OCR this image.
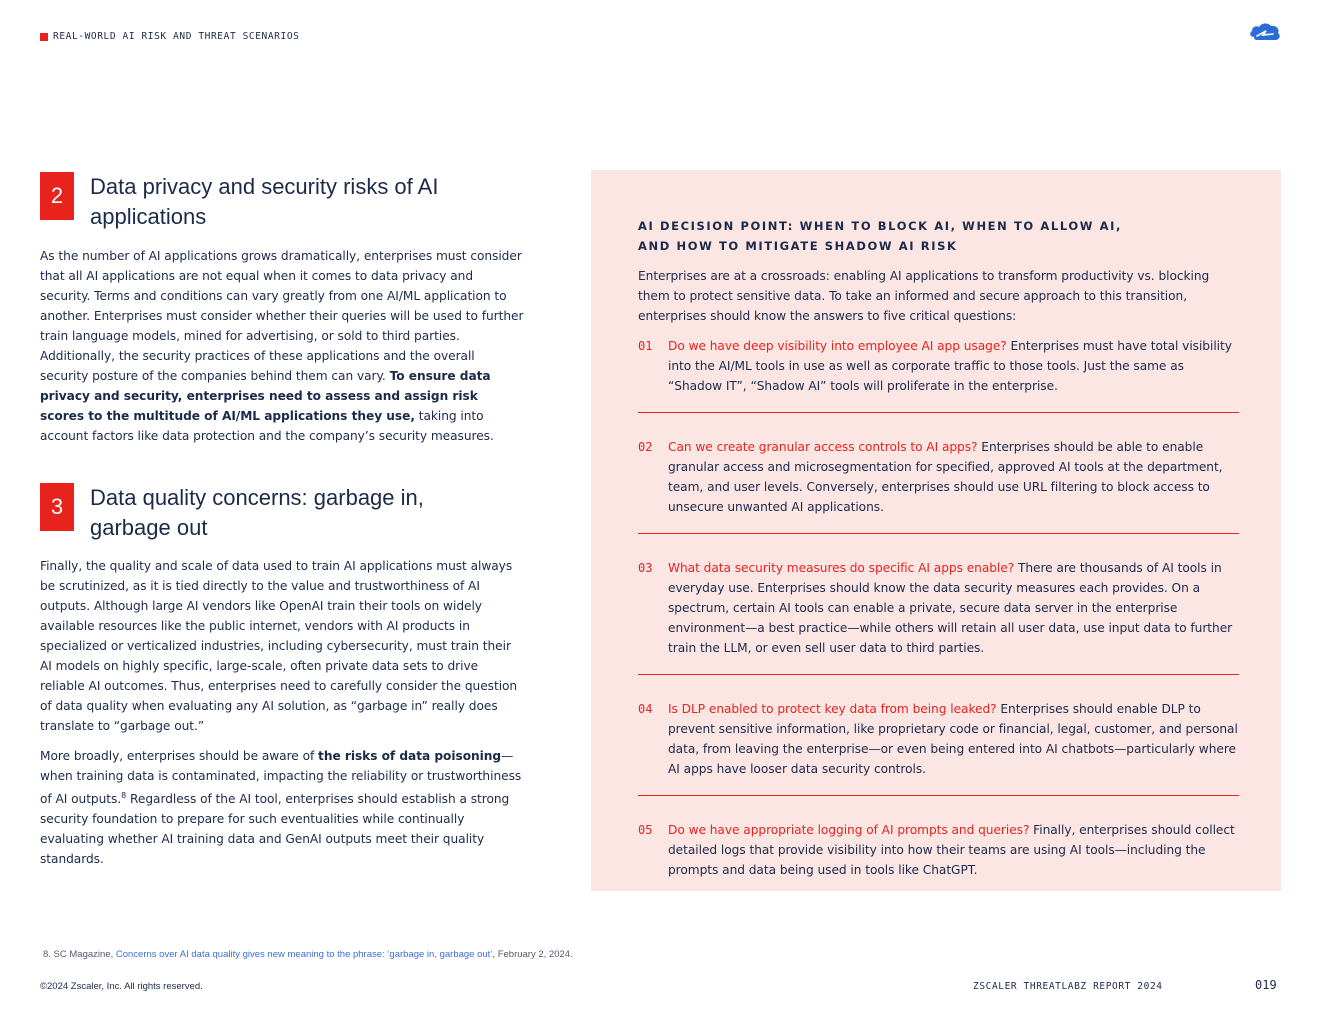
REAL-WORLD AI RISK AND THREAT SCENARIOS
2	Data privacy and security risks of AI applications
As the number of AI applications grows dramatically, enterprises must consider that all AI applications are not equal when it comes to data privacy and security. Terms and conditions can vary greatly from one AI/ML application to another. Enterprises must consider whether their queries will be used to further train language models, mined for advertising, or sold to third parties. Additionally, the security practices of these applications and the overall security posture of the companies behind them can vary. To ensure data privacy and security, enterprises need to assess and assign risk scores to the multitude of AI/ML applications they use, taking into account factors like data protection and the company’s security measures.
3	Data quality concerns: garbage in, garbage out
Finally, the quality and scale of data used to train AI applications must always be scrutinized, as it is tied directly to the value and trustworthiness of AI outputs. Although large AI vendors like OpenAI train their tools on widely available resources like the public internet, vendors with AI products in specialized or verticalized industries, including cybersecurity, must train their AI models on highly specific, large-scale, often private data sets to drive reliable AI outcomes. Thus, enterprises need to carefully consider the question of data quality when evaluating any AI solution, as “garbage in” really does translate to “garbage out.”
More broadly, enterprises should be aware of the risks of data poisoning—when training data is contaminated, impacting the reliability or trustworthiness of AI outputs.$^8$ Regardless of the AI tool, enterprises should establish a strong security foundation to prepare for such eventualities while continually evaluating whether AI training data and GenAI outputs meet their quality standards.
AI DECISION POINT: WHEN TO BLOCK AI, WHEN TO ALLOW AI,
AND HOW TO MITIGATE SHADOW AI RISK
Enterprises are at a crossroads: enabling AI applications to transform productivity vs. blocking them to protect sensitive data. To take an informed and secure approach to this transition, enterprises should know the answers to five critical questions:
01	Do we have deep visibility into employee AI app usage? Enterprises must have total visibility into the AI/ML tools in use as well as corporate traffic to those tools. Just the same as “Shadow IT”, “Shadow AI” tools will proliferate in the enterprise.
02	Can we create granular access controls to AI apps? Enterprises should be able to enable granular access and microsegmentation for specified, approved AI tools at the department, team, and user levels. Conversely, enterprises should use URL filtering to block access to unsecure unwanted AI applications.
03	What data security measures do specific AI apps enable? There are thousands of AI tools in everyday use. Enterprises should know the data security measures each provides. On a spectrum, certain AI tools can enable a private, secure data server in the enterprise environment—a best practice—while others will retain all user data, use input data to further train the LLM, or even sell user data to third parties.
04	Is DLP enabled to protect key data from being leaked? Enterprises should enable DLP to prevent sensitive information, like proprietary code or financial, legal, customer, and personal data, from leaving the enterprise—or even being entered into AI chatbots—particularly where AI apps have looser data security controls.
05	Do we have appropriate logging of AI prompts and queries? Finally, enterprises should collect detailed logs that provide visibility into how their teams are using AI tools—including the prompts and data being used in tools like ChatGPT.
8. SC Magazine, Concerns over AI data quality gives new meaning to the phrase: ‘garbage in, garbage out’, February 2, 2024.
©2024 Zscaler, Inc. All rights reserved.	ZSCALER THREATLABZ REPORT 2024	019
